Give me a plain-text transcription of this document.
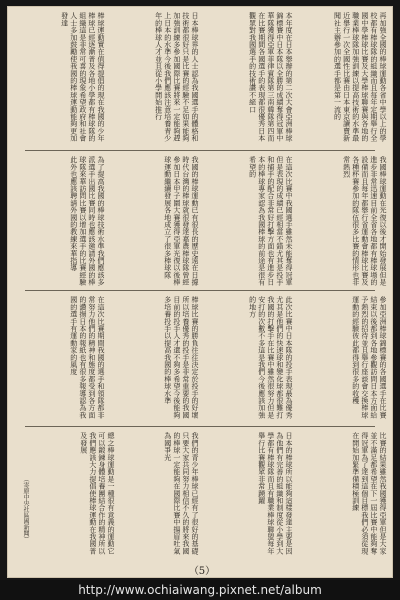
再加強全國的棒球運動各省中學以上的學校都有棒球隊的組織而且每年定期舉行全國中學棒球比賽及大學棒球聯賽與各地的職業棒球隊加強訓練以提高技術的水準最近舉行一次全國性比賽由日本東京讀賣新聞社主辦參加的選手都是第一流的
本年度在日本舉辦的第二次大會亞洲棒球錦標賽中日本隊以全勝的成績奪得冠軍中華隊獲得亞軍菲律賓隊第三南韓隊第四而在比賽期間各國選手的表現都很優秀日本觀眾對我國選手的技術讚不絕口
日本棒球界的人士認為我國選手的體格和技術都很好只是比賽的經驗不足如果能夠加強訓練多參加國際比賽將來一定能夠趕上日本的水準今後我們應該注意培養青少年的棒球人才並且從小學開始推行
棒球運動實在值得提倡的現在我國的少年棒球已經逐漸普及各地小學都有棒球隊的組織這是非常可喜的現象希望政府和社會人士多加鼓勵使我國的棒球運動能夠更加發達
我國棒球運動在光復以後才開始發展但是進步非常迅速目前全省各地都有棒球場的設備而且每年都舉行省運動會棒球比賽及各種杯賽參加的隊伍很多比賽的情形也非常熱烈
在這次比賽中我國選手雖然未能奪得冠軍但是表現的成績已經相當不錯尤其是投手和捕手的配合非常好打擊方面也有進步日本的棒球專家認為我國棒球的前途是很有希望的
我國的棒球運動已有很長的歷史遠在日據時代台灣的棒球就很發達嘉農棒球隊曾經參加日本甲子園大賽獲得亞軍光復以後棒球運動繼續發展各地成立了很多棒球隊
為了提高我國的棒球技術水準我們應該多派選手出國比賽同時也應該邀請外國的棒球隊來華訪問比賽以增加選手的比賽經驗此外也應該聘請外國的教練來華指導
參加亞洲棒球錦標賽的各國選手在比賽結束以後都到各地參觀訪問日本方面給予熱烈的招待並且舉行座談會交換棒球運動的經驗彼此都得到很多的收穫
此次比賽中日本隊的投手表現最為優秀尤其是他們的快速球和變化球都很難打我國的打擊手在比賽中雖然很努力但是安打的次數不多這是我們今後應該加強的地方
棒球比賽的勝負往往決定於投手的好壞所以培養優秀的投手是非常重要的我國目前的投手人才還不夠多希望今後能夠多培養投手以提高我國的棒球水準
在這次比賽期間我國的選手和領隊都非常努力他們的精神和態度都受到各方面的讚揚日本的報紙也有很多報導認為我國的選手有運動家的風度
比賽的結果雖然我國獲得亞軍但是大家並不滿足都希望在下一屆比賽中能夠奪得冠軍為了達到這個目標我們必須從現在開始加緊準備積極訓練
日本的棒球所以能夠這樣發達主要是因為他們有完善的組織和制度從小學到大學都有棒球隊而且有職業棒球聯盟每年舉行比賽觀眾非常踴躍
我們的青少年棒球已經有了很好的基礎只要大家共同努力相信不久的將來我國的棒球一定能夠在國際比賽中揚眉吐氣為國爭光
總之棒球運動是一種很有意義的運動它可以鍛鍊身體培養團結合作的精神所以我們應該大力提倡使棒球運動在我國普及發展
（寄原中央社區國新聞）
（5）
http://www.ochiaiwang.pixnet.net/album
